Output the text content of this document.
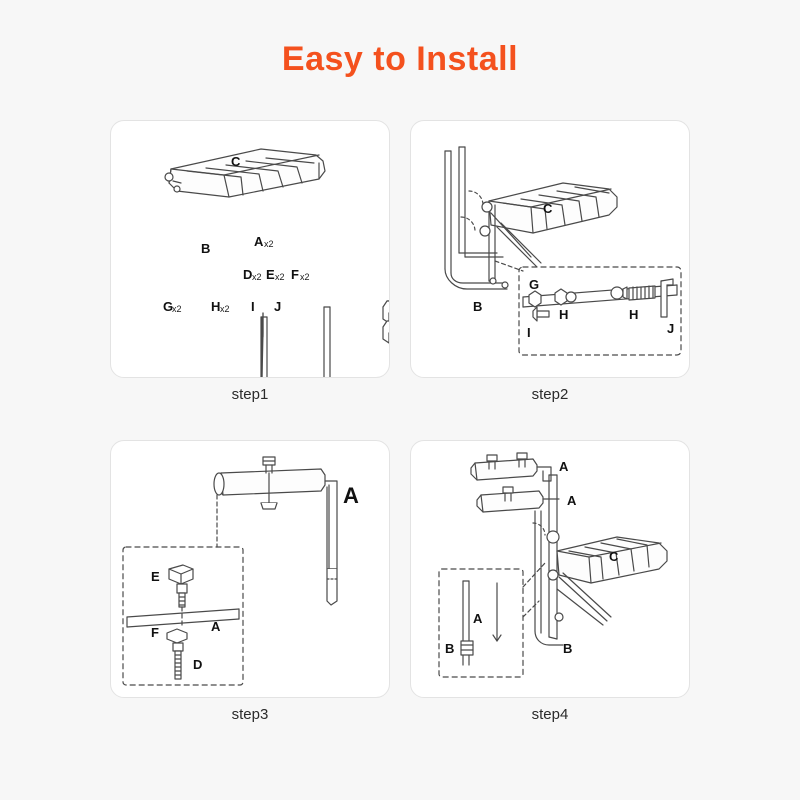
Easy to Install
C
B	A x2
D x2 E x2 F x2
G
x2 H x2 I J
step1
C
B
G
H	H
I	J
step2
A
E
F	A
D
step3
A
A
C
B
A
B
step4
